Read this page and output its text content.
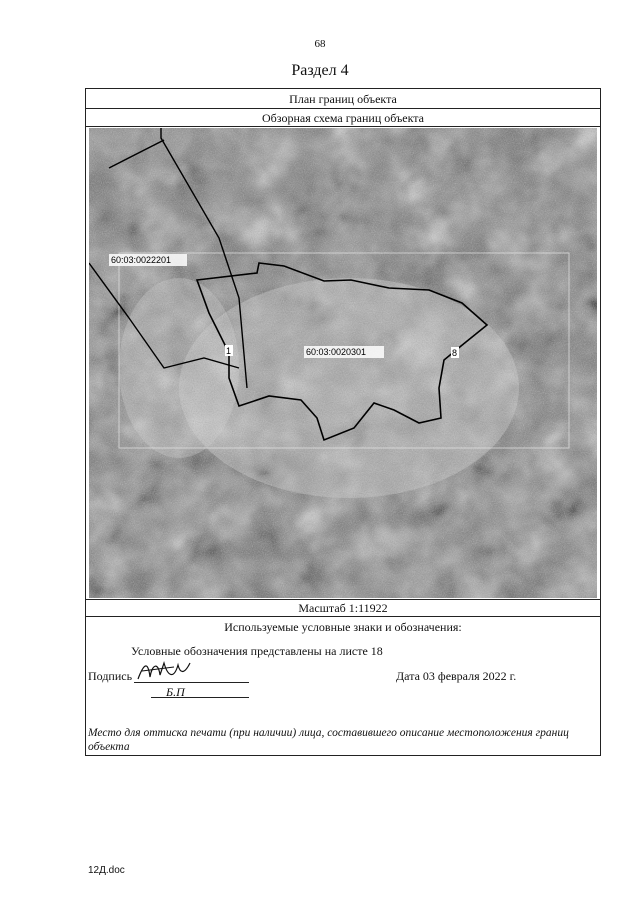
68
Раздел 4
План границ объекта
Обзорная схема границ объекта
60:03:0022201
60:03:0020301
1	8
Масштаб 1:11922
Используемые условные знаки и обозначения:
Условные обозначения представлены на листе 18
Подпись
Б.П
Дата 03 февраля 2022 г.
Место для оттиска печати (при наличии) лица, составившего описание местоположения границ объекта
12Д.doc
